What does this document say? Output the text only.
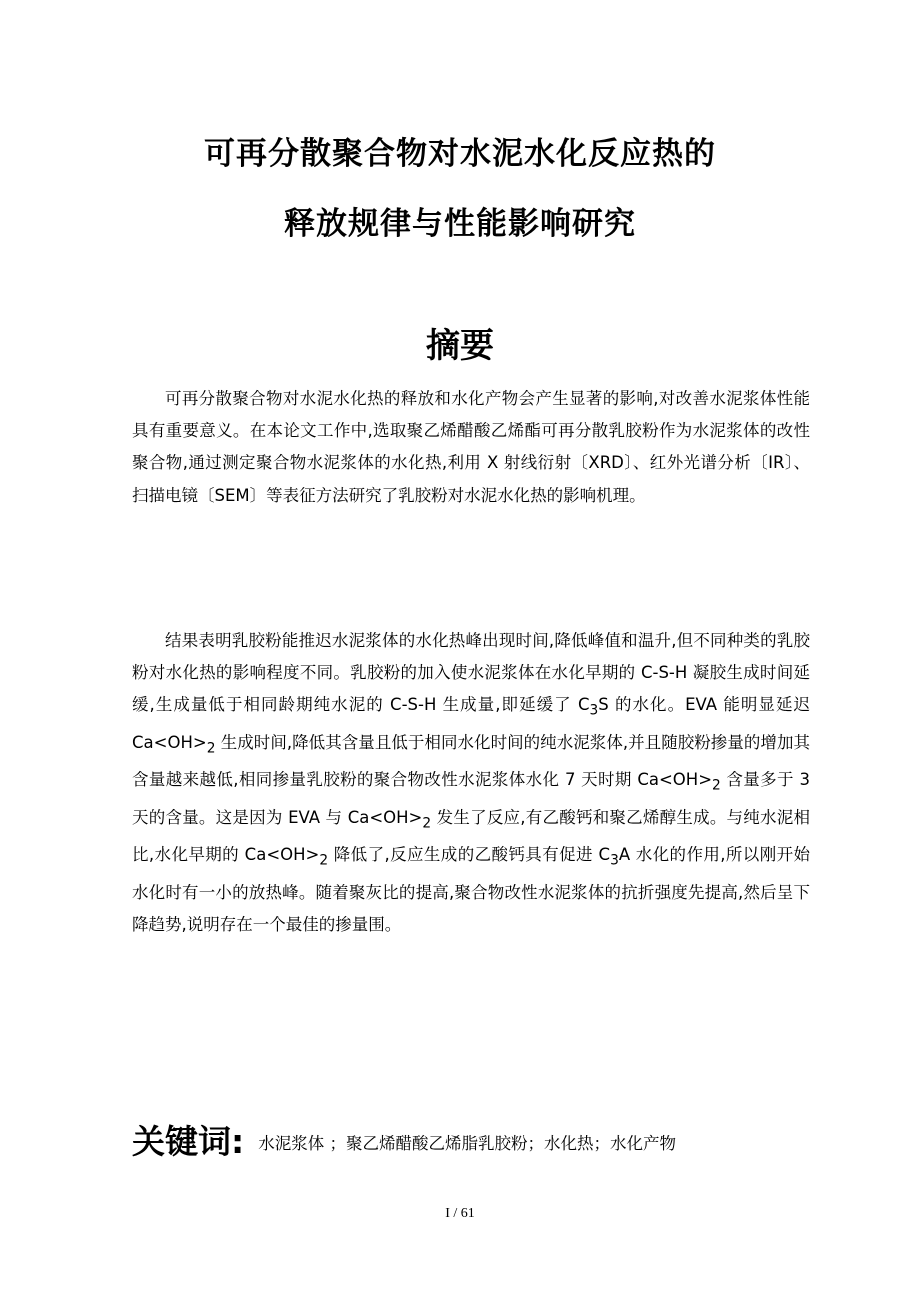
可再分散聚合物对水泥水化反应热的
释放规律与性能影响研究
摘要
可再分散聚合物对水泥水化热的释放和水化产物会产生显著的影响,对改善水泥浆体性能具有重要意义。在本论文工作中,选取聚乙烯醋酸乙烯酯可再分散乳胶粉作为水泥浆体的改性聚合物,通过测定聚合物水泥浆体的水化热,利用 X 射线衍射〔XRD〕、红外光谱分析〔IR〕、扫描电镜〔SEM〕等表征方法研究了乳胶粉对水泥水化热的影响机理。
结果表明乳胶粉能推迟水泥浆体的水化热峰出现时间,降低峰值和温升,但不同种类的乳胶粉对水化热的影响程度不同。乳胶粉的加入使水泥浆体在水化早期的 C-S-H 凝胶生成时间延缓,生成量低于相同龄期纯水泥的 C-S-H 生成量,即延缓了 $C_3S$ 的水化。EVA 能明显延迟 $Ca<OH>_2$ 生成时间,降低其含量且低于相同水化时间的纯水泥浆体,并且随胶粉掺量的增加其含量越来越低,相同掺量乳胶粉的聚合物改性水泥浆体水化 7 天时期 $Ca<OH>_2$ 含量多于 3 天的含量。这是因为 EVA 与 $Ca<OH>_2$ 发生了反应,有乙酸钙和聚乙烯醇生成。与纯水泥相比,水化早期的 $Ca<OH>_2$ 降低了,反应生成的乙酸钙具有促进 $C_3A$ 水化的作用,所以刚开始水化时有一小的放热峰。随着聚灰比的提高,聚合物改性水泥浆体的抗折强度先提高,然后呈下降趋势,说明存在一个最佳的掺量围。
关键词: 水泥浆体 ；聚乙烯醋酸乙烯脂乳胶粉；水化热；水化产物
I / 61
